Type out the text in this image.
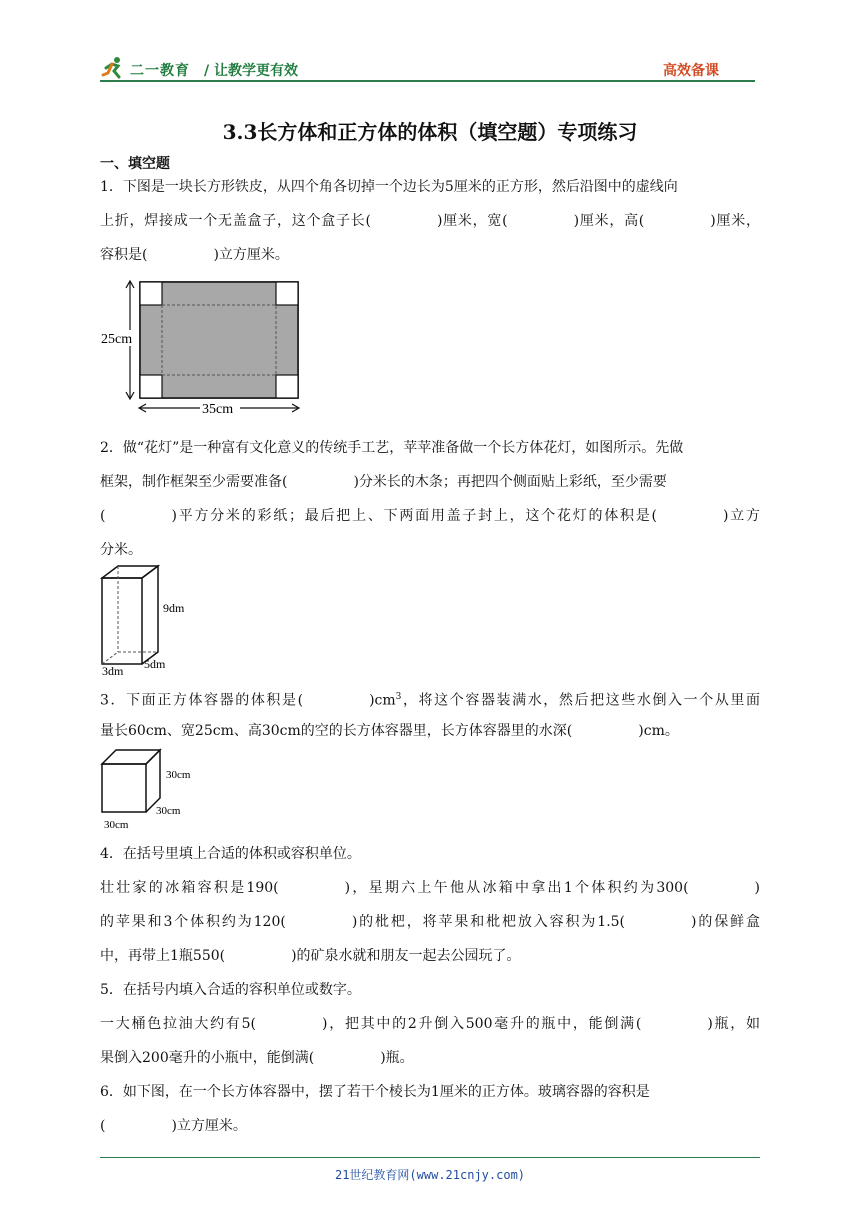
二一教育 / 让教学更有效	高效备课
3.3长方体和正方体的体积（填空题）专项练习
一、填空题
1．下图是一块长方形铁皮，从四个角各切掉一个边长为5厘米的正方形，然后沿图中的虚线向
上折，焊接成一个无盖盒子，这个盒子长(	)厘米，宽(	)厘米，高(	)厘米，
容积是(	)立方厘米。
25cm
35cm
2．做“花灯”是一种富有文化意义的传统手工艺，苹苹准备做一个长方体花灯，如图所示。先做
框架，制作框架至少需要准备(	)分米长的木条；再把四个侧面贴上彩纸，至少需要
(	)平方分米的彩纸；最后把上、下两面用盖子封上，这个花灯的体积是(	)立方
分米。
9dm
3dm 5dm
3．下面正方体容器的体积是(	)$cm^3$，将这个容器装满水，然后把这些水倒入一个从里面
量长60cm、宽25cm、高30cm的空的长方体容器里，长方体容器里的水深(	)cm。
30cm
30cm
30cm
4．在括号里填上合适的体积或容积单位。
壮壮家的冰箱容积是190(	)，星期六上午他从冰箱中拿出1个体积约为300(	)
的苹果和3个体积约为120(	)的枇杷，将苹果和枇杷放入容积为1.5(	)的保鲜盒
中，再带上1瓶550(	)的矿泉水就和朋友一起去公园玩了。
5．在括号内填入合适的容积单位或数字。
一大桶色拉油大约有5(	)，把其中的2升倒入500毫升的瓶中，能倒满(	)瓶，如
果倒入200毫升的小瓶中，能倒满(	)瓶。
6．如下图，在一个长方体容器中，摆了若干个棱长为1厘米的正方体。玻璃容器的容积是
(	)立方厘米。
21世纪教育网(www.21cnjy.com)
